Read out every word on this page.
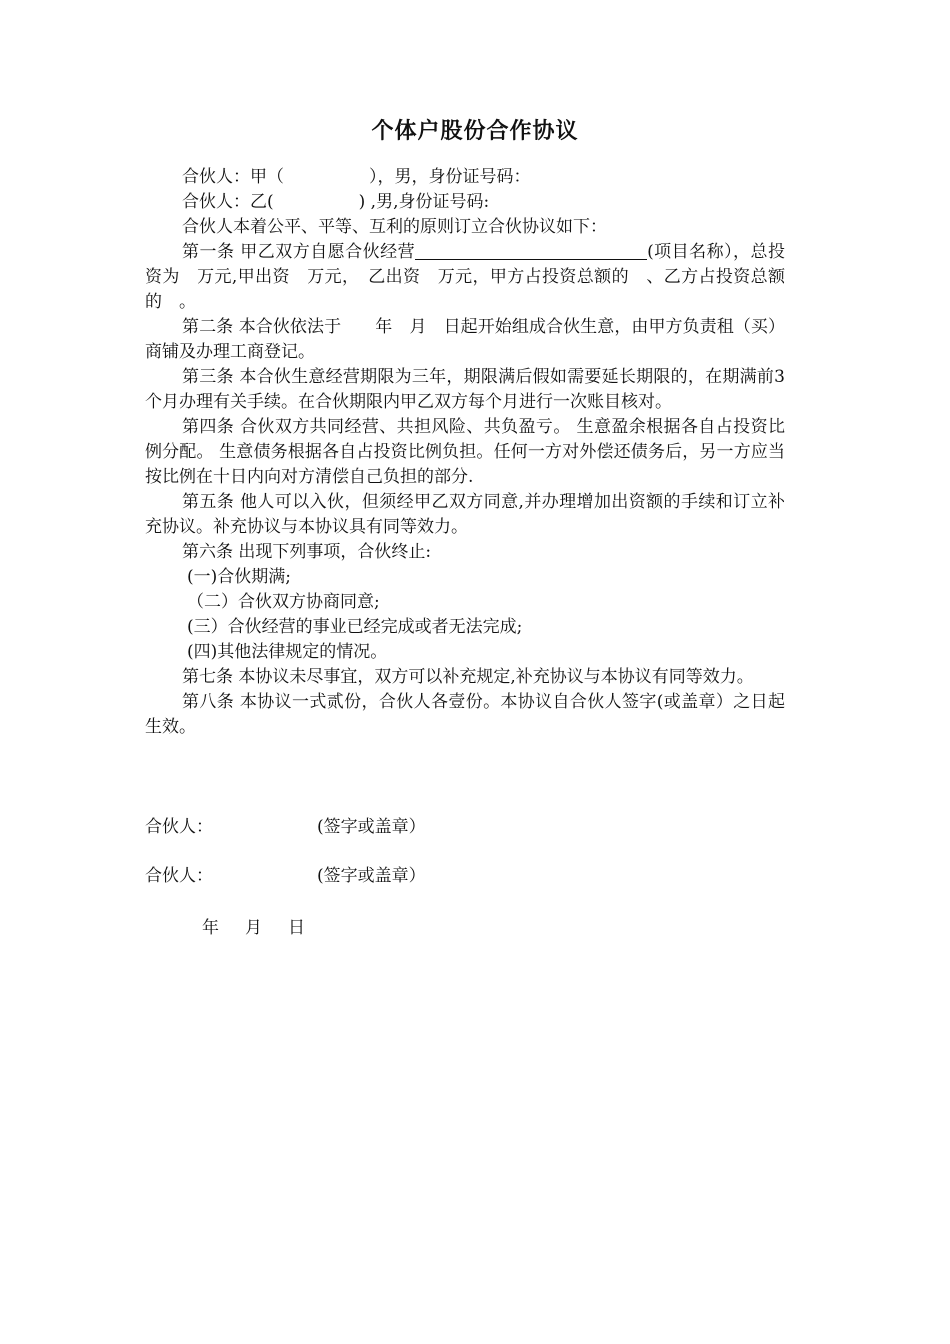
个体户股份合作协议

合伙人：甲（　　　　　），男，身份证号码：

合伙人：乙(　　　　　) ,男,身份证号码:

合伙人本着公平、平等、互利的原则订立合伙协议如下：

第一条 甲乙双方自愿合伙经营	(项目名称），总投资为　万元,甲出资　万元，　乙出资　万元，甲方占投资总额的　、乙方占投资总额的　。

第二条 本合伙依法于　　年　月　日起开始组成合伙生意，由甲方负责租（买）商铺及办理工商登记。

第三条 本合伙生意经营期限为三年，期限满后假如需要延长期限的，在期满前3个月办理有关手续。在合伙期限内甲乙双方每个月进行一次账目核对。

第四条 合伙双方共同经营、共担风险、共负盈亏。 生意盈余根据各自占投资比例分配。 生意债务根据各自占投资比例负担。任何一方对外偿还债务后，另一方应当按比例在十日内向对方清偿自己负担的部分.

第五条 他人可以入伙，但须经甲乙双方同意,并办理增加出资额的手续和订立补充协议。补充协议与本协议具有同等效力。

第六条 出现下列事项，合伙终止:

(一)合伙期满;

（二）合伙双方协商同意;

(三）合伙经营的事业已经完成或者无法完成;

(四)其他法律规定的情况。

第七条 本协议未尽事宜，双方可以补充规定,补充协议与本协议有同等效力。

第八条 本协议一式贰份，合伙人各壹份。本协议自合伙人签字(或盖章）之日起生效。

合伙人：	(签字或盖章）
合伙人：	(签字或盖章）
年 月 日
